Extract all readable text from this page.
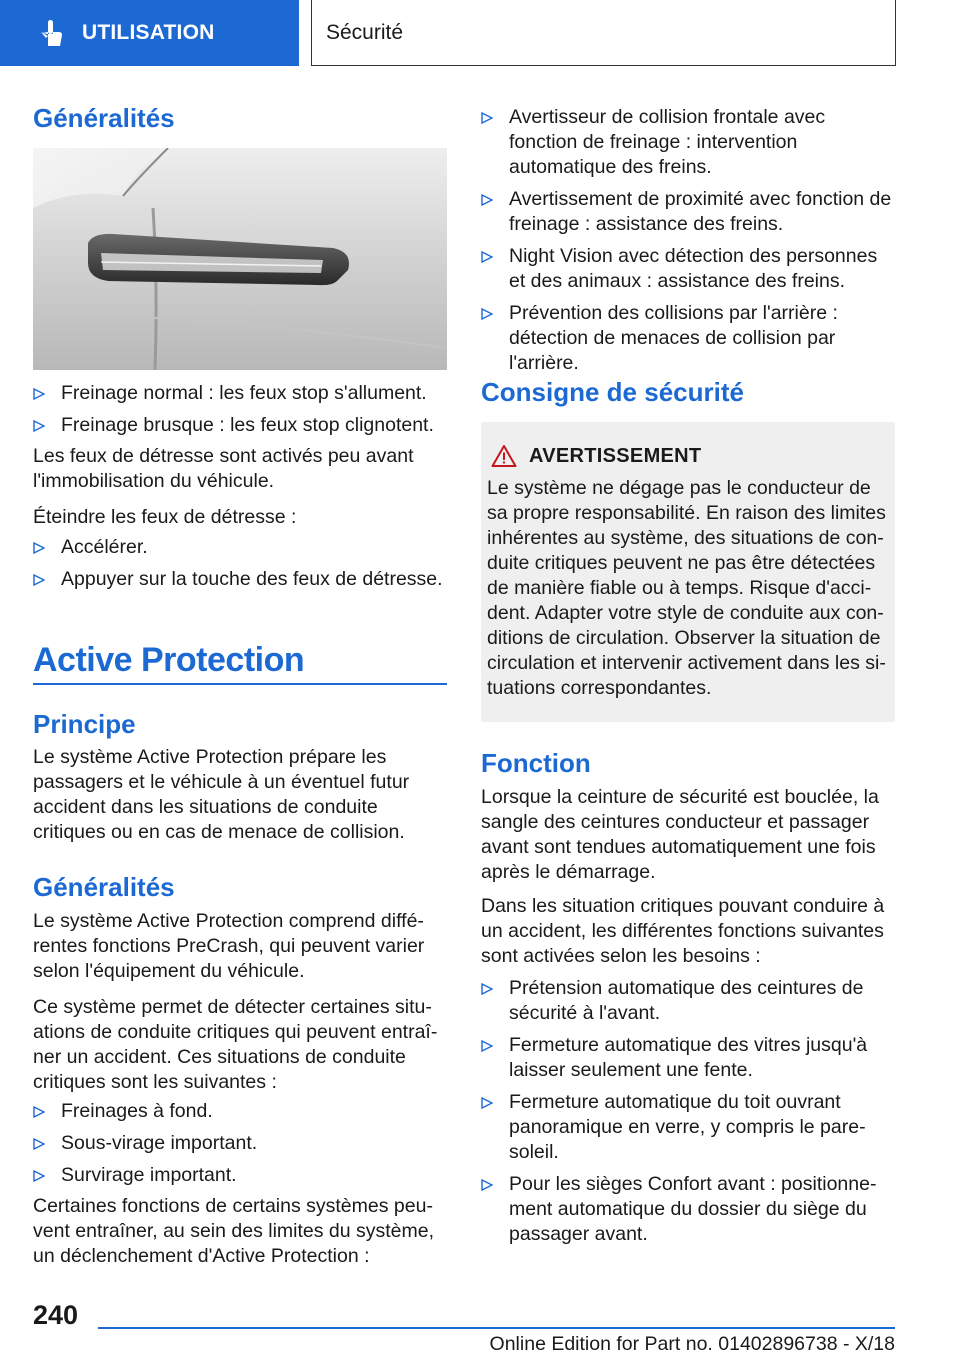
UTILISATION	Sécurité
Généralités
Freinage normal : les feux stop s'allument.
Freinage brusque : les feux stop clignotent.

Les feux de détresse sont activés peu avant l'immobilisation du véhicule.

Éteindre les feux de détresse :

Accélérer.
Appuyer sur la touche des feux de détresse.
Active Protection
Principe

Le système Active Protection prépare les passagers et le véhicule à un éventuel futur accident dans les situations de conduite critiques ou en cas de menace de collision.

Généralités

Le système Active Protection comprend différentes fonctions PreCrash, qui peuvent varier selon l'équipement du véhicule.

Ce système permet de détecter certaines situations de conduite critiques qui peuvent entraîner un accident. Ces situations de conduite critiques sont les suivantes :

Freinages à fond.
Sous-virage important.
Survirage important.

Certaines fonctions de certains systèmes peuvent entraîner, au sein des limites du système, un déclenchement d'Active Protection :

Avertisseur de collision frontale avec fonction de freinage : intervention automatique des freins.
Avertissement de proximité avec fonction de freinage : assistance des freins.
Night Vision avec détection des personnes et des animaux : assistance des freins.
Prévention des collisions par l'arrière : détection de menaces de collision par l'arrière.
Consigne de sécurité
AVERTISSEMENT

Le système ne dégage pas le conducteur de sa propre responsabilité. En raison des limites inhérentes au système, des situations de conduite critiques peuvent ne pas être détectées de manière fiable ou à temps. Risque d'accident. Adapter votre style de conduite aux conditions de circulation. Observer la situation de circulation et intervenir activement dans les situations correspondantes.

Fonction

Lorsque la ceinture de sécurité est bouclée, la sangle des ceintures conducteur et passager avant sont tendues automatiquement une fois après le démarrage.

Dans les situation critiques pouvant conduire à un accident, les différentes fonctions suivantes sont activées selon les besoins :

Prétension automatique des ceintures de sécurité à l'avant.
Fermeture automatique des vitres jusqu'à laisser seulement une fente.
Fermeture automatique du toit ouvrant panoramique en verre, y compris le pare-soleil.
Pour les sièges Confort avant : positionnement automatique du dossier du siège du passager avant.
240
Online Edition for Part no. 01402896738 - X/18
